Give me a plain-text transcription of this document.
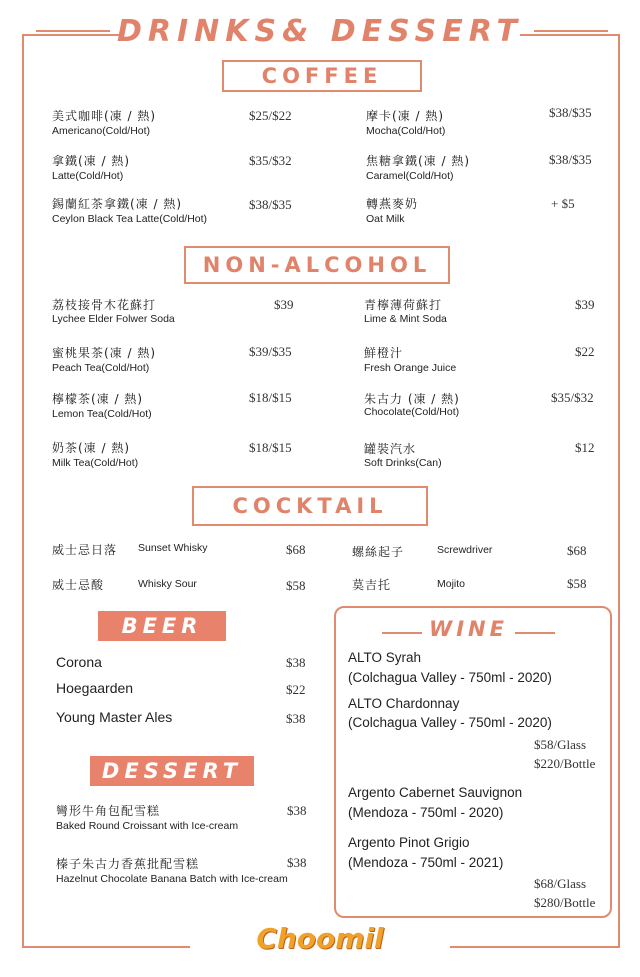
DRINKS& DESSERT
COFFEE
美式咖啡(凍 / 熱)
Americano(Cold/Hot)
$25/$22
拿鐵(凍 / 熱)
Latte(Cold/Hot)
$35/$32
錫蘭紅茶拿鐵(凍 / 熱)
Ceylon Black Tea Latte(Cold/Hot)
$38/$35
摩卡(凍 / 熱)
Mocha(Cold/Hot)
$38/$35
焦糖拿鐵(凍 / 熱)
Caramel(Cold/Hot)
$38/$35
轉燕麥奶
Oat Milk
+ $5
NON-ALCOHOL
荔枝接骨木花蘇打
Lychee Elder Folwer Soda
$39
蜜桃果茶(凍 / 熱)
Peach Tea(Cold/Hot)
$39/$35
檸檬茶(凍 / 熱)
Lemon Tea(Cold/Hot)
$18/$15
奶茶(凍 / 熱)
Milk Tea(Cold/Hot)
$18/$15
青檸薄荷蘇打
Lime & Mint Soda
$39
鮮橙汁
Fresh Orange Juice
$22
朱古力 (凍 / 熱)
Chocolate(Cold/Hot)
$35/$32
罐裝汽水
Soft Drinks(Can)
$12
COCKTAIL
威士忌日落 Sunset Whisky	$68
威士忌酸	Whisky Sour	$58
螺絲起子	Screwdriver	$68
莫吉托	Mojito	$58
BEER
Corona	$38
Hoegaarden	$22
Young Master Ales	$38
DESSERT
彎形牛角包配雪糕
Baked Round Croissant with Ice-cream
$38
榛子朱古力香蕉批配雪糕
Hazelnut Chocolate Banana Batch with Ice-cream
$38
WINE
ALTO Syrah
(Colchagua Valley - 750ml - 2020)
ALTO Chardonnay
(Colchagua Valley - 750ml - 2020)
$58/Glass
$220/Bottle
Argento Cabernet Sauvignon
(Mendoza - 750ml - 2020)
Argento Pinot Grigio
(Mendoza - 750ml - 2021)
$68/Glass
$280/Bottle
Choomil
